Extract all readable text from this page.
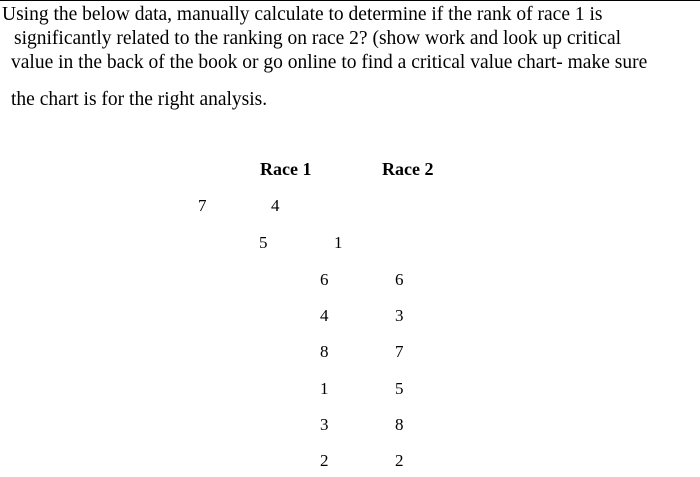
Using the below data, manually calculate to determine if the rank of race 1 is
significantly related to the ranking on race 2? (show work and look up critical
value in the back of the book or go online to find a critical value chart- make sure
the chart is for the right analysis.
Race 1	Race 2
7	4
5	1
6	6
4	3
8	7
1	5
3	8
2	2
